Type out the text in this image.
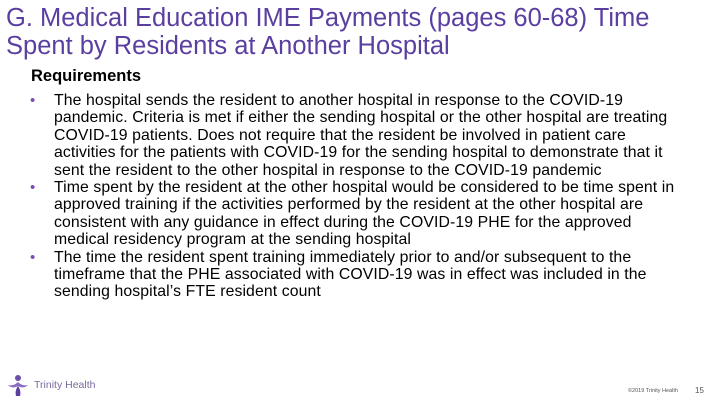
G. Medical Education IME Payments (pages 60-68) Time Spent by Residents at Another Hospital
Requirements
• The hospital sends the resident to another hospital in response to the COVID-19 pandemic. Criteria is met if either the sending hospital or the other hospital are treating COVID-19 patients. Does not require that the resident be involved in patient care activities for the patients with COVID-19 for the sending hospital to demonstrate that it sent the resident to the other hospital in response to the COVID-19 pandemic
• Time spent by the resident at the other hospital would be considered to be time spent in approved training if the activities performed by the resident at the other hospital are consistent with any guidance in effect during the COVID-19 PHE for the approved medical residency program at the sending hospital
• The time the resident spent training immediately prior to and/or subsequent to the timeframe that the PHE associated with COVID-19 was in effect was included in the sending hospital’s FTE resident count
Trinity Health	©2019 Trinity Health 15
